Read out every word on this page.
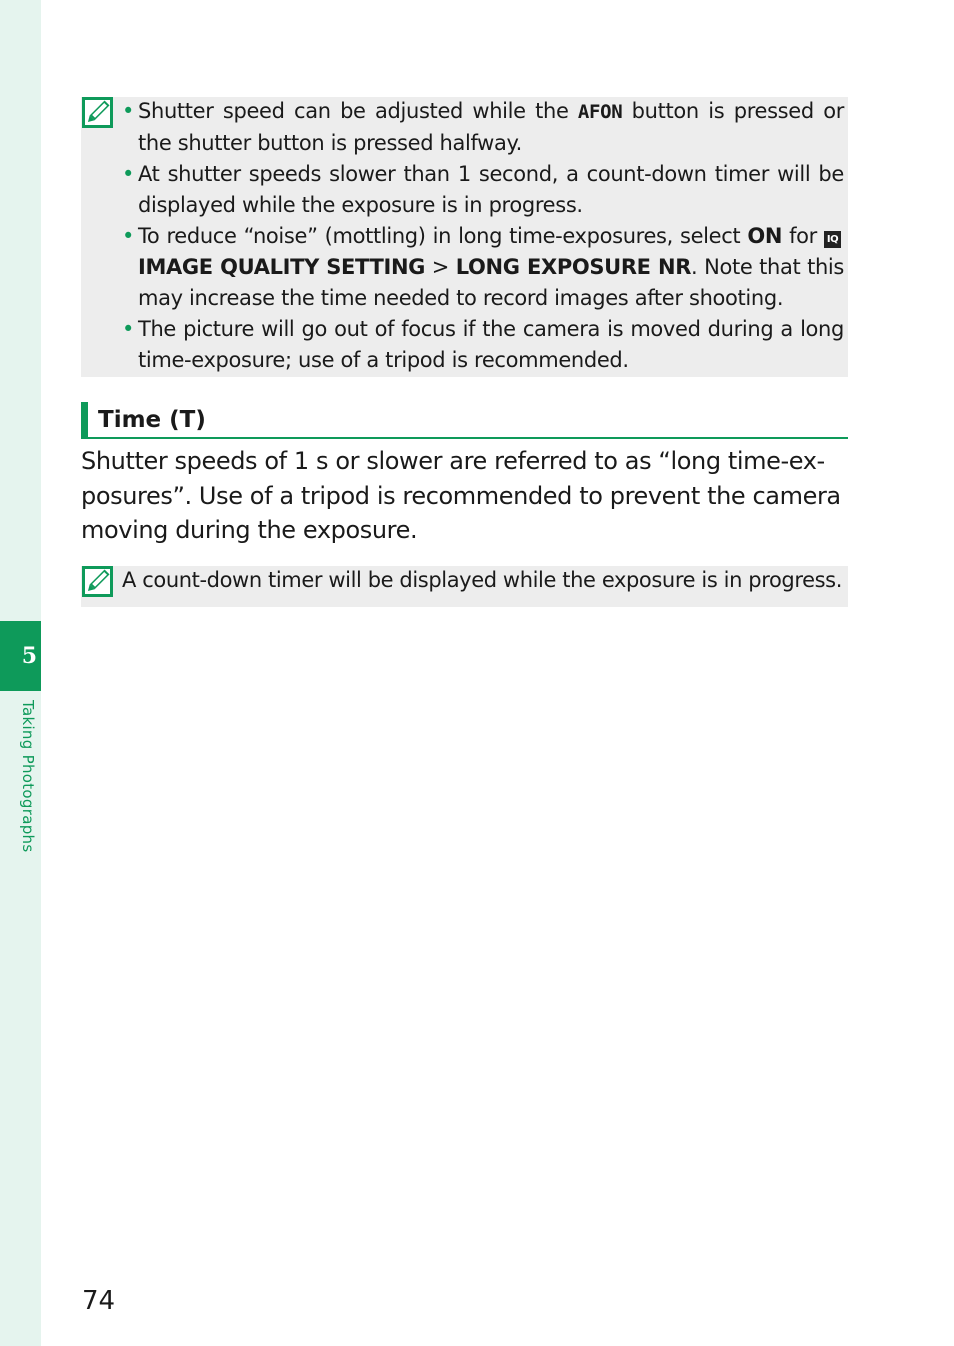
5
Taking Photographs
• Shutter speed can be adjusted while the AFON button is pressed or the shutter button is pressed halfway.
• At shutter speeds slower than 1 second, a count-down timer will be displayed while the exposure is in progress.
• To reduce “noise” (mottling) in long time-exposures, select ON for IQIMAGE QUALITY SETTING > LONG EXPOSURE NR. Note that this may increase the time needed to record images after shooting.
• The picture will go out of focus if the camera is moved during a long time-exposure; use of a tripod is recommended.
Time (T)

Shutter speeds of 1 s or slower are referred to as “long time-exposures”. Use of a tripod is recommended to prevent the camera moving during the exposure.

A count-down timer will be displayed while the exposure is in progress.
74
